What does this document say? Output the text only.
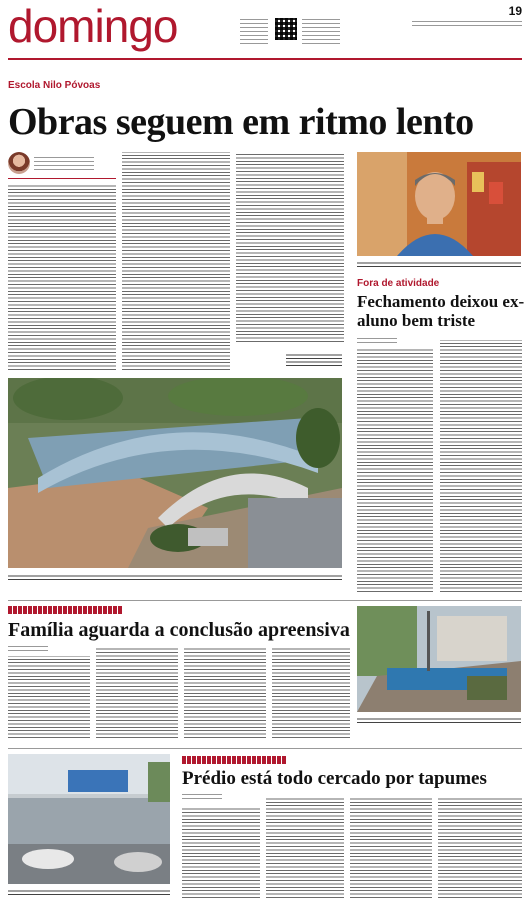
domingo	19
Escola Nilo Póvoas
Obras seguem em ritmo lento
Fora de atividade
Fechamento deixou ex-aluno bem triste
Família aguarda a conclusão apreensiva
Prédio está todo cercado por tapumes
